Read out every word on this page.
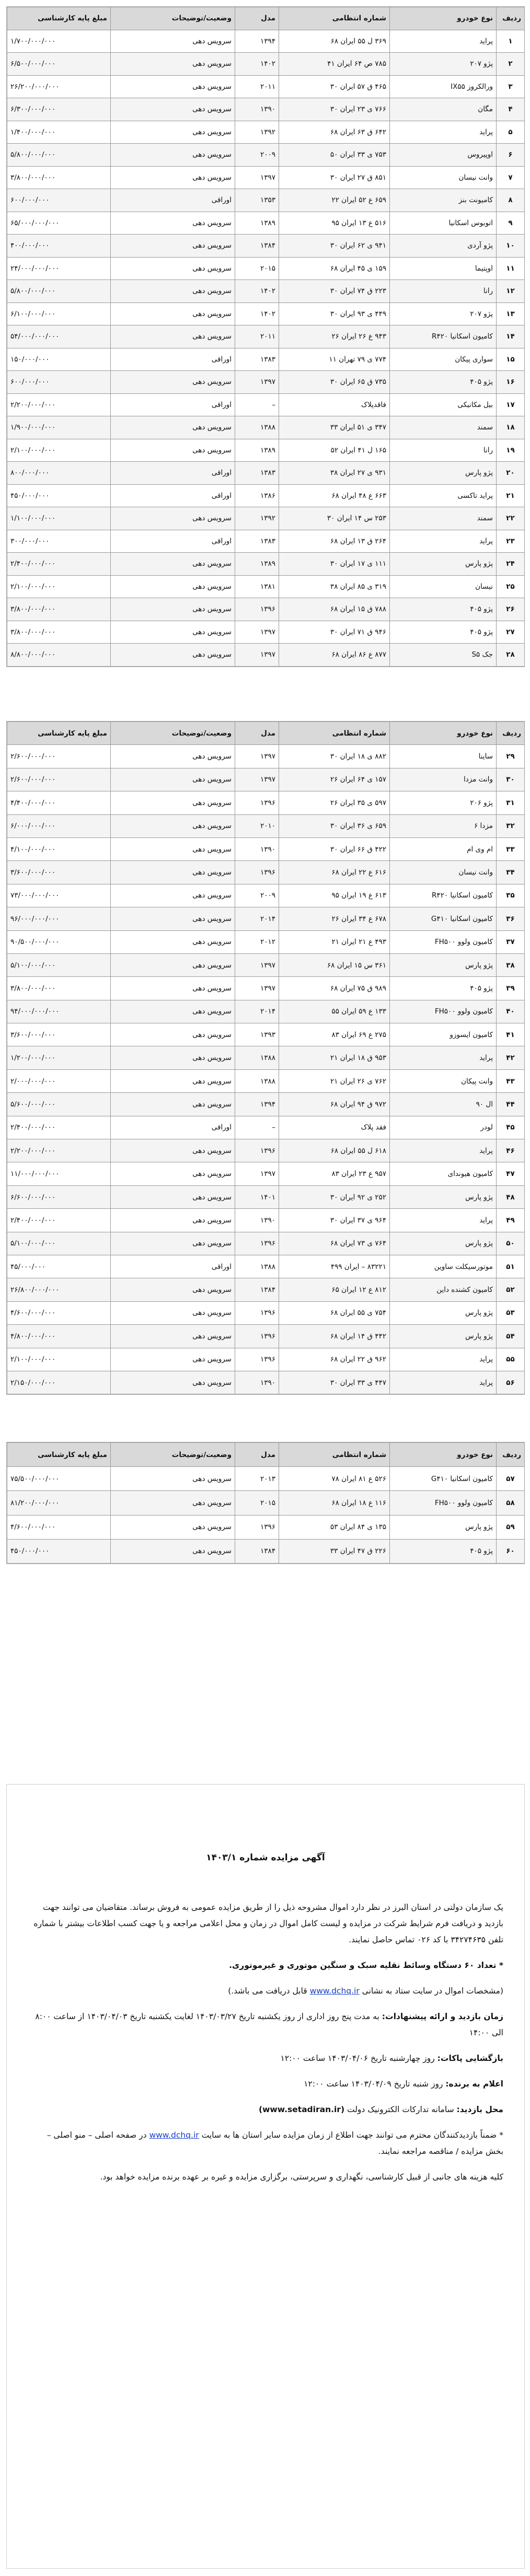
ردیف	نوع خودرو	شماره انتظامی	مدل	وضعیت/توضیحات	مبلغ پایه کارشناسی
۱	پراید	۳۶۹ ل ۵۵ ایران ۶۸	۱۳۹۴	سرویس دهی	۱/۷۰۰/۰۰۰/۰۰۰
۲	پژو ۲۰۷	۷۸۵ ص ۶۴ ایران ۴۱	۱۴۰۲	سرویس دهی	۶/۵۰۰/۰۰۰/۰۰۰
۳	ورالکروز IX۵۵	۴۶۵ ق ۵۷ ایران ۳۰	۲۰۱۱	سرویس دهی	۲۶/۲۰۰/۰۰۰/۰۰۰
۴	مگان	۷۶۶ ی ۲۳ ایران ۳۰	۱۳۹۰	سرویس دهی	۶/۳۰۰/۰۰۰/۰۰۰
۵	پراید	۶۴۲ ق ۶۳ ایران ۶۸	۱۳۹۲	سرویس دهی	۱/۴۰۰/۰۰۰/۰۰۰
۶	اوپیروس	۷۵۳ ی ۳۳ ایران ۵۰	۲۰۰۹	سرویس دهی	۵/۸۰۰/۰۰۰/۰۰۰
۷	وانت نیسان	۸۵۱ ق ۲۷ ایران ۳۰	۱۳۹۷	سرویس دهی	۳/۸۰۰/۰۰۰/۰۰۰
۸	کامیونت بنز	۶۵۹ ع ۵۲ ایران ۲۲	۱۳۵۳	اوراقی	۶۰۰/۰۰۰/۰۰۰
۹	اتوبوس اسکانیا	۵۱۶ ع ۱۳ ایران ۹۵	۱۳۸۹	سرویس دهی	۶۵/۰۰۰/۰۰۰/۰۰۰
۱۰	پژو آردی	۹۴۱ ی ۶۲ ایران ۳۰	۱۳۸۴	سرویس دهی	۴۰۰/۰۰۰/۰۰۰
۱۱	اوپتیما	۱۵۹ ی ۴۵ ایران ۶۸	۲۰۱۵	سرویس دهی	۲۴/۰۰۰/۰۰۰/۰۰۰
۱۲	رانا	۲۲۳ ق ۷۴ ایران ۳۰	۱۴۰۲	سرویس دهی	۵/۸۰۰/۰۰۰/۰۰۰
۱۳	پژو ۲۰۷	۴۴۹ ی ۹۳ ایران ۳۰	۱۴۰۲	سرویس دهی	۶/۱۰۰/۰۰۰/۰۰۰
۱۴	کامیون اسکانیا R۴۲۰	۹۴۳ ع ۲۶ ایران ۲۶	۲۰۱۱	سرویس دهی	۵۴/۰۰۰/۰۰۰/۰۰۰
۱۵	سواری پیکان	۷۷۴ ی ۷۹ تهران ۱۱	۱۳۸۳	اوراقی	۱۵۰/۰۰۰/۰۰۰
۱۶	پژو ۴۰۵	۷۳۵ ق ۶۵ ایران ۳۰	۱۳۹۷	سرویس دهی	۶۰۰/۰۰۰/۰۰۰
۱۷	بیل مکانیکی	فاقدپلاک	–	اوراقی	۲/۲۰۰/۰۰۰/۰۰۰
۱۸	سمند	۳۴۷ ی ۵۱ ایران ۳۳	۱۳۸۸	سرویس دهی	۱/۹۰۰/۰۰۰/۰۰۰
۱۹	رانا	۱۶۵ ل ۴۱ ایران ۵۲	۱۳۸۹	سرویس دهی	۲/۱۰۰/۰۰۰/۰۰۰
۲۰	پژو پارس	۹۳۱ ی ۲۷ ایران ۳۸	۱۳۸۳	اوراقی	۸۰۰/۰۰۰/۰۰۰
۲۱	پراید تاکسی	۶۶۳ ع ۴۸ ایران ۶۸	۱۳۸۶	اوراقی	۴۵۰/۰۰۰/۰۰۰
۲۲	سمند	۲۵۳ س ۱۴ ایران ۳۰	۱۳۹۲	سرویس دهی	۱/۱۰۰/۰۰۰/۰۰۰
۲۳	پراید	۲۶۴ ق ۱۳ ایران ۶۸	۱۳۸۳	اوراقی	۳۰۰/۰۰۰/۰۰۰
۲۴	پژو پارس	۱۱۱ ی ۱۷ ایران ۳۰	۱۳۸۹	سرویس دهی	۲/۴۰۰/۰۰۰/۰۰۰
۲۵	نیسان	۳۱۹ ی ۸۵ ایران ۳۸	۱۳۸۱	سرویس دهی	۲/۱۰۰/۰۰۰/۰۰۰
۲۶	پژو ۴۰۵	۷۸۸ ق ۱۵ ایران ۶۸	۱۳۹۶	سرویس دهی	۳/۸۰۰/۰۰۰/۰۰۰
۲۷	پژو ۴۰۵	۹۴۶ ق ۷۱ ایران ۳۰	۱۳۹۷	سرویس دهی	۳/۸۰۰/۰۰۰/۰۰۰
۲۸	جک S۵	۸۷۷ ع ۸۶ ایران ۶۸	۱۳۹۷	سرویس دهی	۸/۸۰۰/۰۰۰/۰۰۰
ردیف	نوع خودرو	شماره انتظامی	مدل	وضعیت/توضیحات	مبلغ پایه کارشناسی
۲۹	ساینا	۸۸۲ ی ۱۸ ایران ۳۰	۱۳۹۷	سرویس دهی	۲/۶۰۰/۰۰۰/۰۰۰
۳۰	وانت مزدا	۱۵۷ ی ۶۴ ایران ۲۶	۱۳۹۷	سرویس دهی	۲/۶۰۰/۰۰۰/۰۰۰
۳۱	پژو ۲۰۶	۵۹۷ ی ۳۵ ایران ۲۶	۱۳۹۶	سرویس دهی	۴/۴۰۰/۰۰۰/۰۰۰
۳۲	مزدا ۶	۶۵۹ ی ۳۶ ایران ۳۰	۲۰۱۰	سرویس دهی	۶/۰۰۰/۰۰۰/۰۰۰
۳۳	ام وی ام	۴۲۲ ق ۶۶ ایران ۳۰	۱۳۹۰	سرویس دهی	۴/۱۰۰/۰۰۰/۰۰۰
۳۴	وانت نیسان	۶۱۶ ع ۲۲ ایران ۶۸	۱۳۹۶	سرویس دهی	۳/۶۰۰/۰۰۰/۰۰۰
۳۵	کامیون اسکانیا R۴۲۰	۶۱۳ ع ۱۹ ایران ۹۵	۲۰۰۹	سرویس دهی	۷۳/۰۰۰/۰۰۰/۰۰۰
۳۶	کامیون اسکانیا G۴۱۰	۶۷۸ ع ۳۴ ایران ۲۶	۲۰۱۴	سرویس دهی	۹۶/۰۰۰/۰۰۰/۰۰۰
۳۷	کامیون ولوو FH۵۰۰	۴۹۳ ع ۲۱ ایران ۲۱	۲۰۱۲	سرویس دهی	۹۰/۵۰۰/۰۰۰/۰۰۰
۳۸	پژو پارس	۳۶۱ س ۱۵ ایران ۶۸	۱۳۹۷	سرویس دهی	۵/۱۰۰/۰۰۰/۰۰۰
۳۹	پژو ۴۰۵	۹۸۹ ق ۷۵ ایران ۶۸	۱۳۹۷	سرویس دهی	۳/۸۰۰/۰۰۰/۰۰۰
۴۰	کامیون ولوو FH۵۰۰	۱۳۳ ع ۵۹ ایران ۵۵	۲۰۱۴	سرویس دهی	۹۴/۰۰۰/۰۰۰/۰۰۰
۴۱	کامیون ایسوزو	۲۷۵ ع ۶۹ ایران ۸۳	۱۳۹۳	سرویس دهی	۳/۶۰۰/۰۰۰/۰۰۰
۴۲	پراید	۹۵۳ ق ۱۸ ایران ۲۱	۱۳۸۸	سرویس دهی	۱/۲۰۰/۰۰۰/۰۰۰
۴۳	وانت پیکان	۷۶۲ ی ۲۶ ایران ۲۱	۱۳۸۸	سرویس دهی	۲/۰۰۰/۰۰۰/۰۰۰
۴۴	ال ۹۰	۹۷۲ ق ۹۴ ایران ۶۸	۱۳۹۴	سرویس دهی	۵/۶۰۰/۰۰۰/۰۰۰
۴۵	لودر	فقد پلاک	–	اوراقی	۲/۴۰۰/۰۰۰/۰۰۰
۴۶	پراید	۶۱۸ ل ۵۵ ایران ۶۸	۱۳۹۶	سرویس دهی	۲/۲۰۰/۰۰۰/۰۰۰
۴۷	کامیون هیوندای	۹۵۷ ع ۲۳ ایران ۸۳	۱۳۹۷	سرویس دهی	۱۱/۰۰۰/۰۰۰/۰۰۰
۴۸	پژو پارس	۲۵۲ ی ۹۲ ایران ۳۰	۱۴۰۱	سرویس دهی	۶/۶۰۰/۰۰۰/۰۰۰
۴۹	پراید	۹۶۴ ی ۳۷ ایران ۳۰	۱۳۹۰	سرویس دهی	۲/۴۰۰/۰۰۰/۰۰۰
۵۰	پژو پارس	۷۶۴ ی ۷۳ ایران ۶۸	۱۳۹۶	سرویس دهی	۵/۱۰۰/۰۰۰/۰۰۰
۵۱	موتورسیکلت ساوین	۸۳۲۲۱ – ایران ۴۹۹	۱۳۸۸	اوراقی	۴۵/۰۰۰/۰۰۰
۵۲	کامیون کشنده داین	۸۱۲ ع ۱۲ ایران ۶۵	۱۳۸۴	سرویس دهی	۲۶/۸۰۰/۰۰۰/۰۰۰
۵۳	پژو پارس	۷۵۴ ی ۵۵ ایران ۶۸	۱۳۹۶	سرویس دهی	۴/۶۰۰/۰۰۰/۰۰۰
۵۴	پژو پارس	۴۴۲ ق ۱۴ ایران ۶۸	۱۳۹۶	سرویس دهی	۴/۸۰۰/۰۰۰/۰۰۰
۵۵	پراید	۹۶۲ ق ۲۲ ایران ۶۸	۱۳۹۶	سرویس دهی	۲/۱۰۰/۰۰۰/۰۰۰
۵۶	پراید	۴۴۷ ی ۳۳ ایران ۳۰	۱۳۹۰	سرویس دهی	۲/۱۵۰/۰۰۰/۰۰۰
ردیف	نوع خودرو	شماره انتظامی	مدل	وضعیت/توضیحات	مبلغ پایه کارشناسی
۵۷	کامیون اسکانیا G۴۱۰	۵۲۶ ع ۸۱ ایران ۷۸	۲۰۱۳	سرویس دهی	۷۵/۵۰۰/۰۰۰/۰۰۰
۵۸	کامیون ولوو FH۵۰۰	۱۱۶ ع ۱۸ ایران ۶۸	۲۰۱۵	سرویس دهی	۸۱/۲۰۰/۰۰۰/۰۰۰
۵۹	پژو پارس	۱۳۵ ی ۸۴ ایران ۵۳	۱۳۹۶	سرویس دهی	۴/۶۰۰/۰۰۰/۰۰۰
۶۰	پژو ۴۰۵	۲۲۶ ق ۴۷ ایران ۳۳	۱۳۸۴	سرویس دهی	۴۵۰/۰۰۰/۰۰۰
آگهی مزایده شماره ۱۴۰۳/۱

یک سازمان دولتی در استان البرز در نظر دارد اموال مشروحه ذیل را از طریق مزایده عمومی به فروش برساند. متقاضیان می توانند جهت بازدید و دریافت فرم شرایط شرکت در مزایده و لیست کامل اموال در زمان و محل اعلامی مراجعه و یا جهت کسب اطلاعات بیشتر با شماره تلفن ۳۴۲۷۴۶۳۵ با کد ۰۲۶ تماس حاصل نمایند.

* تعداد ۶۰ دستگاه وسائط نقلیه سبک و سنگین موتوری و غیرموتوری.

(مشخصات اموال در سایت ستاد به نشانی www.dchq.ir قابل دریافت می باشد.)

زمان بازدید و ارائه پیشنهادات: به مدت پنج روز اداری از روز یکشنبه تاریخ ۱۴۰۳/۰۳/۲۷ لغایت یکشنبه تاریخ ۱۴۰۳/۰۴/۰۳ از ساعت ۸:۰۰ الی ۱۴:۰۰

بازگشایی پاکات: روز چهارشنبه تاریخ ۱۴۰۳/۰۴/۰۶ ساعت ۱۲:۰۰

اعلام به برنده: روز شنبه تاریخ ۱۴۰۳/۰۴/۰۹ ساعت ۱۲:۰۰

محل بازدید: سامانه تدارکات الکترونیک دولت (www.setadiran.ir)

* ضمناً بازدیدکنندگان محترم می توانند جهت اطلاع از زمان مزایده سایر استان ها به سایت www.dchq.ir در صفحه اصلی – منو اصلی – بخش مزایده / مناقصه مراجعه نمایند.

کلیه هزینه های جانبی از قبیل کارشناسی، نگهداری و سرپرستی، برگزاری مزایده و غیره بر عهده برنده مزایده خواهد بود.
